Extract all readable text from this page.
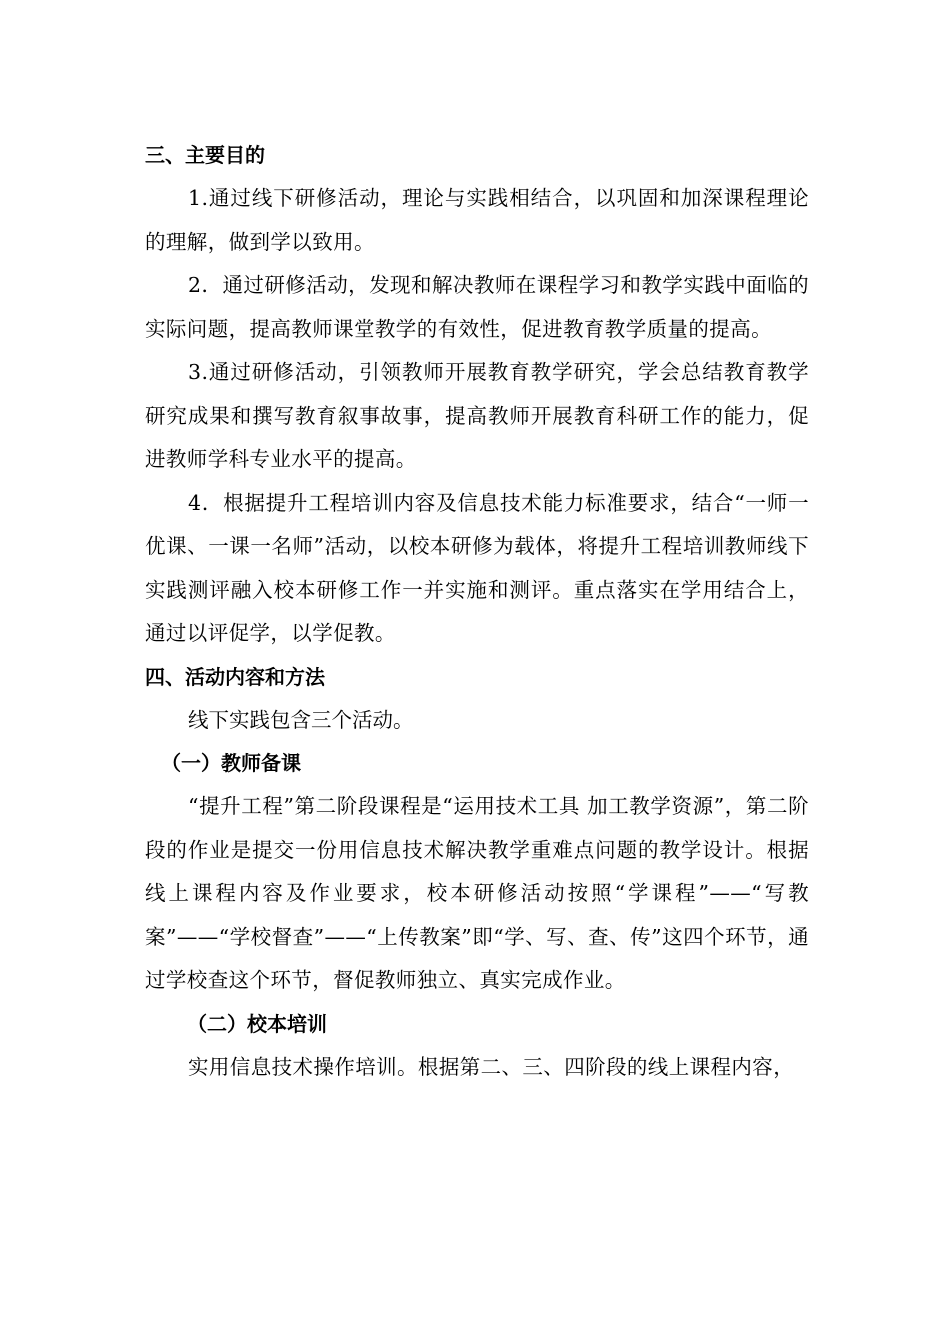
三、主要目的

1.通过线下研修活动，理论与实践相结合，以巩固和加深课程理论的理解，做到学以致用。

2．通过研修活动，发现和解决教师在课程学习和教学实践中面临的实际问题，提高教师课堂教学的有效性，促进教育教学质量的提高。

3.通过研修活动，引领教师开展教育教学研究，学会总结教育教学研究成果和撰写教育叙事故事，提高教师开展教育科研工作的能力，促进教师学科专业水平的提高。

4．根据提升工程培训内容及信息技术能力标准要求，结合“一师一优课、一课一名师”活动，以校本研修为载体，将提升工程培训教师线下实践测评融入校本研修工作一并实施和测评。重点落实在学用结合上，通过以评促学，以学促教。

四、活动内容和方法

线下实践包含三个活动。

（一）教师备课

“提升工程”第二阶段课程是“运用技术工具 加工教学资源”，第二阶段的作业是提交一份用信息技术解决教学重难点问题的教学设计。根据线上课程内容及作业要求，校本研修活动按照“学课程”——“写教案”——“学校督查”——“上传教案”即“学、写、查、传”这四个环节，通过学校查这个环节，督促教师独立、真实完成作业。

（二）校本培训

实用信息技术操作培训。根据第二、三、四阶段的线上课程内容，
